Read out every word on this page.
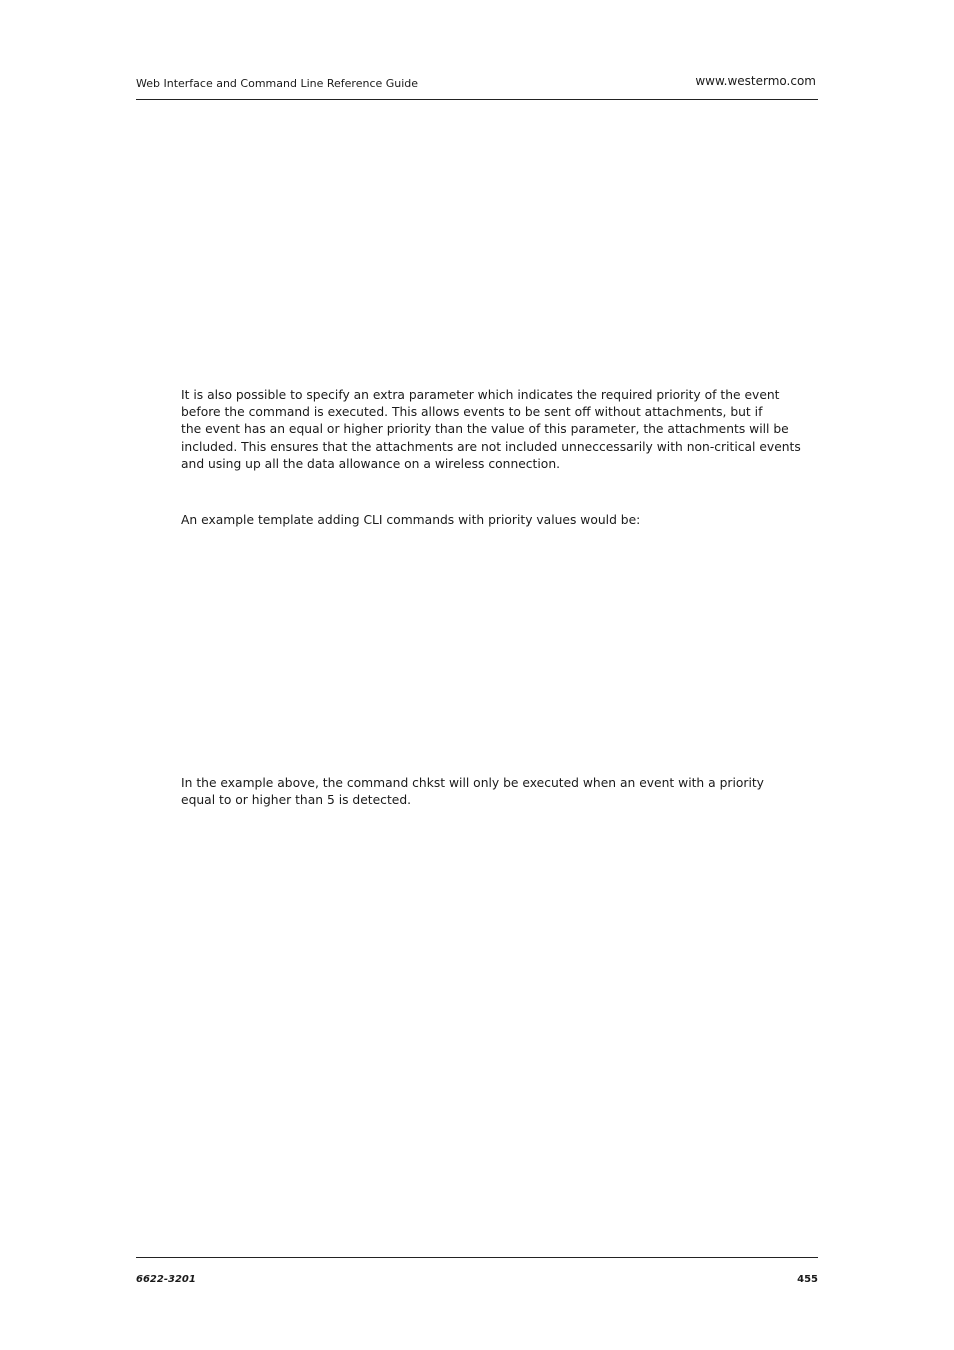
Web Interface and Command Line Reference Guide	www.westermo.com

It is also possible to specify an extra parameter which indicates the required priority of the event
before the command is executed. This allows events to be sent off without attachments, but if
the event has an equal or higher priority than the value of this parameter, the attachments will be
included. This ensures that the attachments are not included unneccessarily with non-critical events
and using up all the data allowance on a wireless connection.

An example template adding CLI commands with priority values would be:

In the example above, the command chkst will only be executed when an event with a priority
equal to or higher than 5 is detected.

6622-3201	455
